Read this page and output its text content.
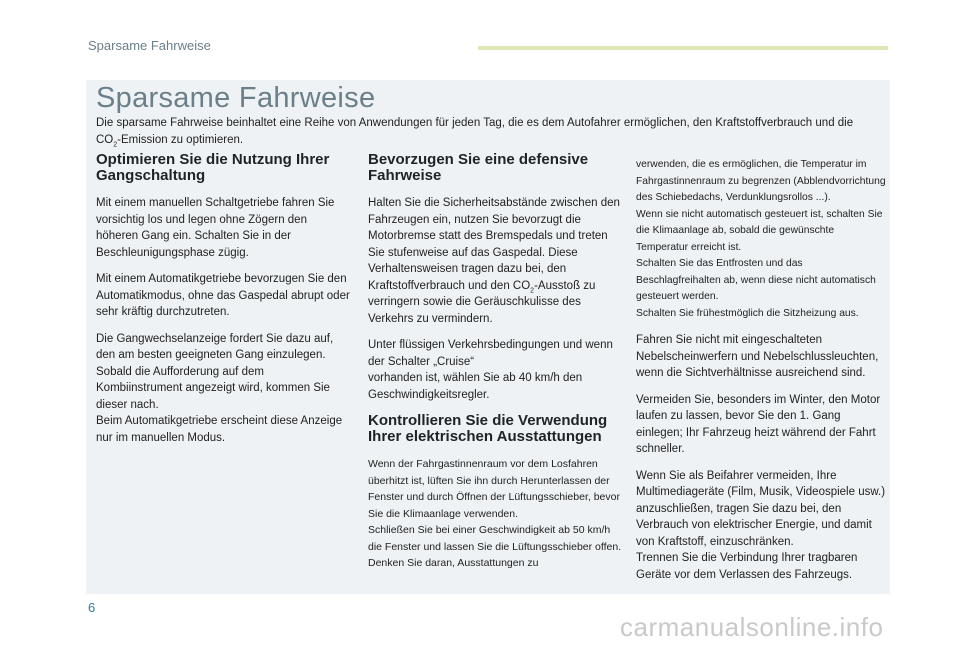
Sparsame Fahrweise
Sparsame Fahrweise

Die sparsame Fahrweise beinhaltet eine Reihe von Anwendungen für jeden Tag, die es dem Autofahrer ermöglichen, den Kraftstoffverbrauch und die $CO_2$-Emission zu optimieren.

Optimieren Sie die Nutzung Ihrer Gangschaltung

Mit einem manuellen Schaltgetriebe fahren Sie vorsichtig los und legen ohne Zögern den höheren Gang ein. Schalten Sie in der Beschleunigungsphase zügig.

Mit einem Automatikgetriebe bevorzugen Sie den Automatikmodus, ohne das Gaspedal abrupt oder sehr kräftig durchzutreten.

Die Gangwechselanzeige fordert Sie dazu auf, den am besten geeigneten Gang einzulegen. Sobald die Aufforderung auf dem Kombiinstrument angezeigt wird, kommen Sie dieser nach.
Beim Automatikgetriebe erscheint diese Anzeige nur im manuellen Modus.

Bevorzugen Sie eine defensive Fahrweise

Halten Sie die Sicherheitsabstände zwischen den Fahrzeugen ein, nutzen Sie bevorzugt die Motorbremse statt des Bremspedals und treten Sie stufenweise auf das Gaspedal. Diese Verhaltensweisen tragen dazu bei, den Kraftstoffverbrauch und den $CO_2$-Ausstoß zu verringern sowie die Geräuschkulisse des Verkehrs zu vermindern.

Unter flüssigen Verkehrsbedingungen und wenn der Schalter „Cruise“
vorhanden ist, wählen Sie ab 40 km/h den Geschwindigkeitsregler.

Kontrollieren Sie die Verwendung Ihrer elektrischen Ausstattungen

Wenn der Fahrgastinnenraum vor dem Losfahren überhitzt ist, lüften Sie ihn durch Herunterlassen der Fenster und durch Öffnen der Lüftungsschieber, bevor Sie die Klimaanlage verwenden.
Schließen Sie bei einer Geschwindigkeit ab 50 km/h die Fenster und lassen Sie die Lüftungsschieber offen.
Denken Sie daran, Ausstattungen zu

verwenden, die es ermöglichen, die Temperatur im Fahrgastinnenraum zu begrenzen (Abblendvorrichtung des Schiebedachs, Verdunklungsrollos ...).
Wenn sie nicht automatisch gesteuert ist, schalten Sie die Klimaanlage ab, sobald die gewünschte Temperatur erreicht ist.
Schalten Sie das Entfrosten und das Beschlagfreihalten ab, wenn diese nicht automatisch gesteuert werden.
Schalten Sie frühestmöglich die Sitzheizung aus.

Fahren Sie nicht mit eingeschalteten Nebelscheinwerfern und Nebelschlussleuchten, wenn die Sichtverhältnisse ausreichend sind.

Vermeiden Sie, besonders im Winter, den Motor laufen zu lassen, bevor Sie den 1. Gang einlegen; Ihr Fahrzeug heizt während der Fahrt schneller.

Wenn Sie als Beifahrer vermeiden, Ihre Multimediageräte (Film, Musik, Videospiele usw.) anzuschließen, tragen Sie dazu bei, den Verbrauch von elektrischer Energie, und damit von Kraftstoff, einzuschränken.
Trennen Sie die Verbindung Ihrer tragbaren Geräte vor dem Verlassen des Fahrzeugs.

6
carmanualsonline.info
